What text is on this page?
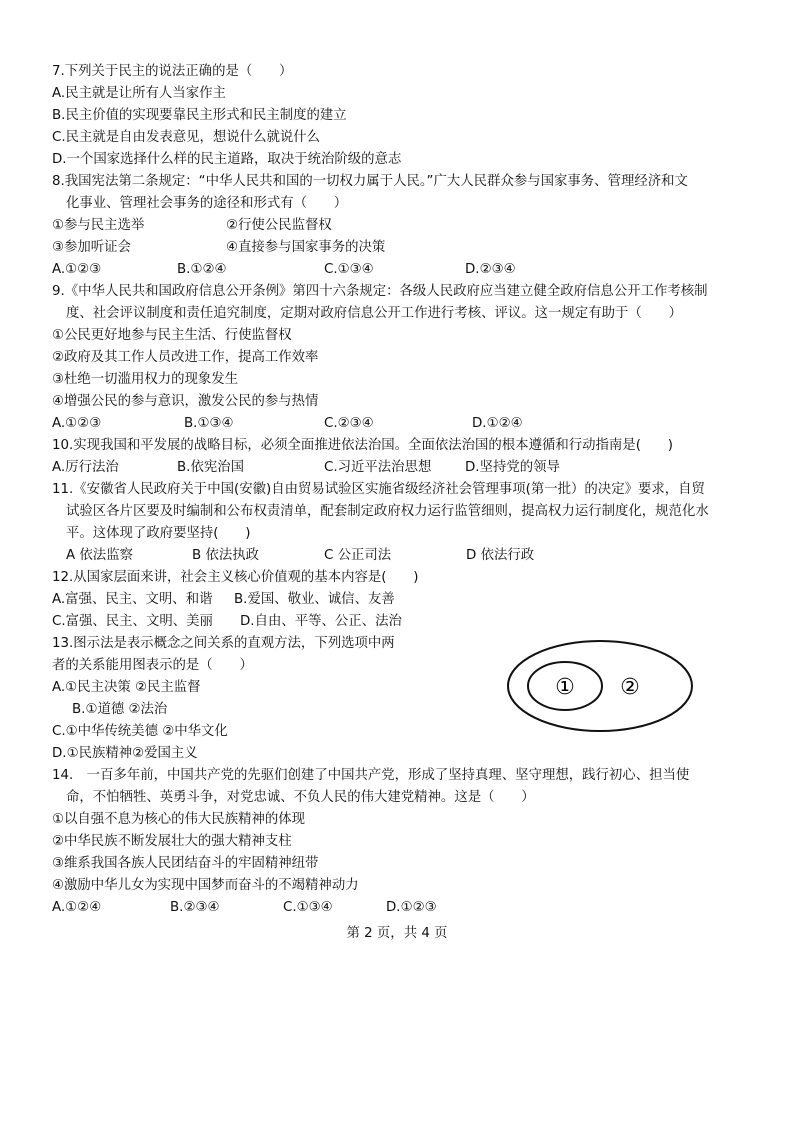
7.下列关于民主的说法正确的是（　　）
A.民主就是让所有人当家作主
B.民主价值的实现要靠民主形式和民主制度的建立
C.民主就是自由发表意见，想说什么就说什么
D.一个国家选择什么样的民主道路，取决于统治阶级的意志
8.我国宪法第二条规定：“中华人民共和国的一切权力属于人民。”广大人民群众参与国家事务、管理经济和文
化事业、管理社会事务的途径和形式有（　　）
①参与民主选举	②行使公民监督权
③参加听证会	④直接参与国家事务的决策
A.①②③	B.①②④	C.①③④	D.②③④
9.《中华人民共和国政府信息公开条例》第四十六条规定：各级人民政府应当建立健全政府信息公开工作考核制
度、社会评议制度和责任追究制度，定期对政府信息公开工作进行考核、评议。这一规定有助于（　　）
①公民更好地参与民主生活、行使监督权
②政府及其工作人员改进工作，提高工作效率
③杜绝一切滥用权力的现象发生
④增强公民的参与意识，激发公民的参与热情
A.①②③	B.①③④	C.②③④	D.①②④
10.实现我国和平发展的战略目标，必须全面推进依法治国。全面依法治国的根本遵循和行动指南是(　　)
A.厉行法治	B.依宪治国	C.习近平法治思想	D.坚持党的领导
11.《安徽省人民政府关于中国(安徽)自由贸易试验区实施省级经济社会管理事项(第一批）的决定》要求，自贸
试验区各片区要及时编制和公布权责清单，配套制定政府权力运行监管细则，提高权力运行制度化，规范化水
平。这体现了政府要坚持(　　)
A 依法监察	B 依法执政	C 公正司法	D 依法行政
12.从国家层面来讲，社会主义核心价值观的基本内容是(　　)
A.富强、民主、文明、和谐 B.爱国、敬业、诚信、友善
C.富强、民主、文明、美丽 D.自由、平等、公正、法治
13.图示法是表示概念之间关系的直观方法，下列选项中两
者的关系能用图表示的是（　　）
A.①民主决策 ②民主监督
B.①道德 ②法治
C.①中华传统美德 ②中华文化
D.①民族精神②爱国主义
① ②
14.　一百多年前，中国共产党的先驱们创建了中国共产党，形成了坚持真理、坚守理想，践行初心、担当使
命，不怕牺牲、英勇斗争，对党忠诚、不负人民的伟大建党精神。这是（　　）
①以自强不息为核心的伟大民族精神的体现
②中华民族不断发展壮大的强大精神支柱
③维系我国各族人民团结奋斗的牢固精神纽带
④激励中华儿女为实现中国梦而奋斗的不竭精神动力
A.①②④	B.②③④	C.①③④	D.①②③
第 2 页，共 4 页
